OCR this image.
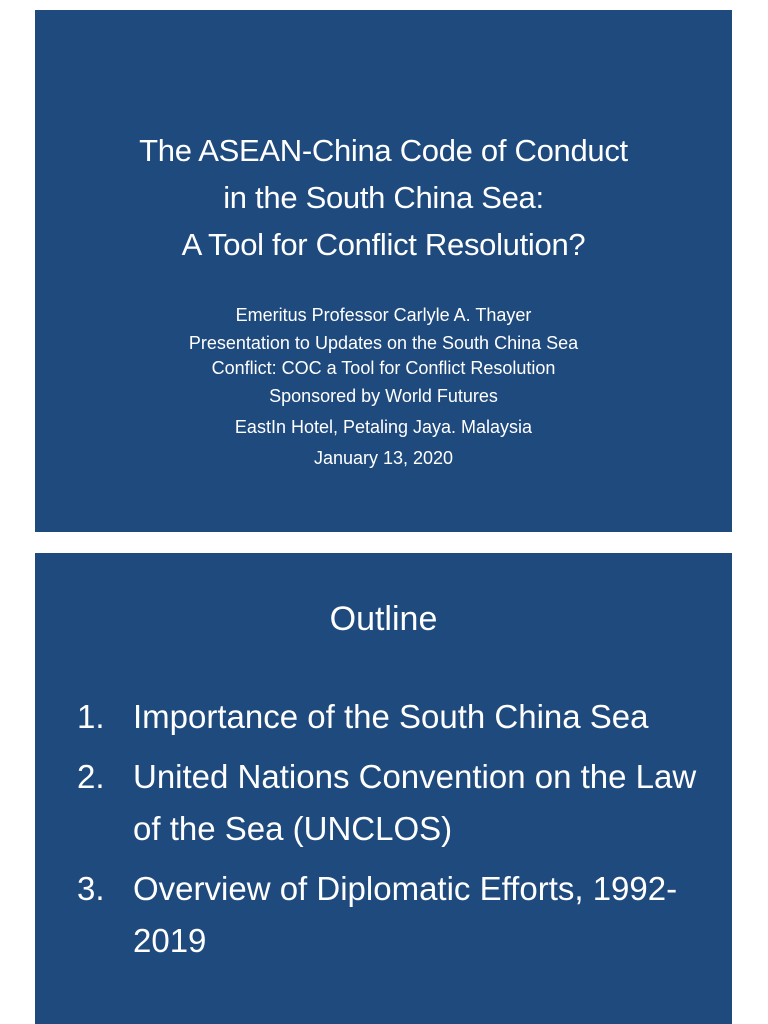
The ASEAN-China Code of Conduct
in the South China Sea:
A Tool for Conflict Resolution?
Emeritus Professor Carlyle A. Thayer
Presentation to Updates on the South China Sea
Conflict: COC a Tool for Conflict Resolution
Sponsored by World Futures
EastIn Hotel, Petaling Jaya. Malaysia
January 13, 2020
Outline
1. Importance of the South China Sea
2. United Nations Convention on the Law of the Sea (UNCLOS)
3. Overview of Diplomatic Efforts, 1992-2019
